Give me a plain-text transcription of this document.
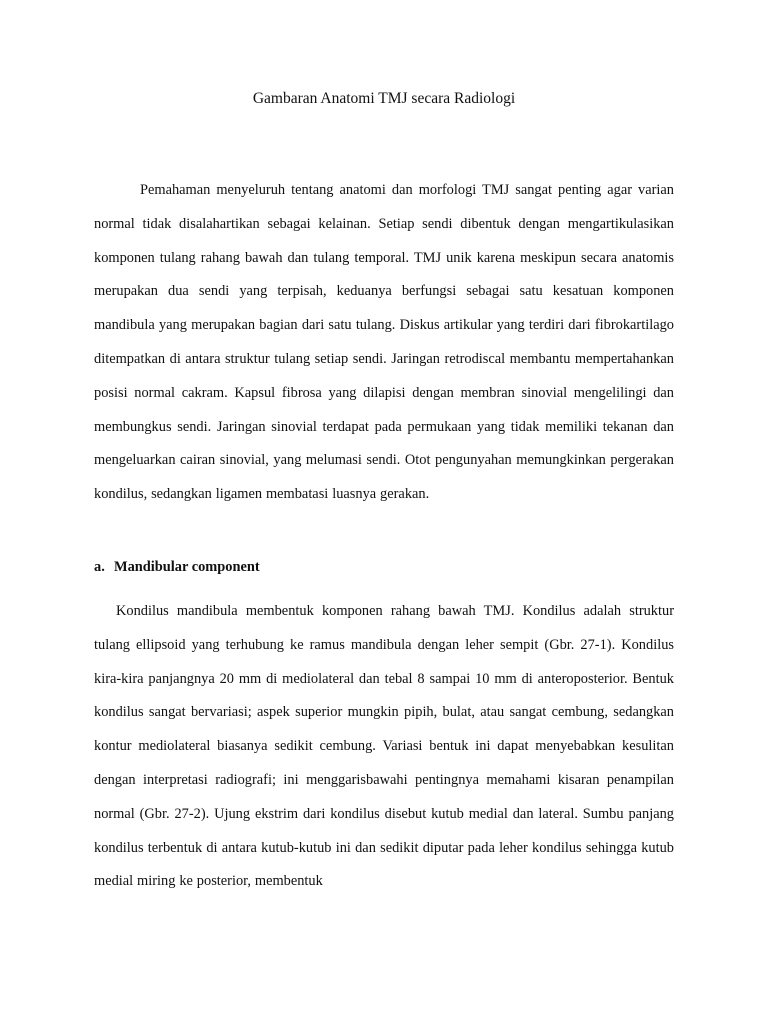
Gambaran Anatomi TMJ secara Radiologi

Pemahaman menyeluruh tentang anatomi dan morfologi TMJ sangat penting agar varian normal tidak disalahartikan sebagai kelainan. Setiap sendi dibentuk dengan mengartikulasikan komponen tulang rahang bawah dan tulang temporal. TMJ unik karena meskipun secara anatomis merupakan dua sendi yang terpisah, keduanya berfungsi sebagai satu kesatuan komponen mandibula yang merupakan bagian dari satu tulang. Diskus artikular yang terdiri dari fibrokartilago ditempatkan di antara struktur tulang setiap sendi. Jaringan retrodiscal membantu mempertahankan posisi normal cakram. Kapsul fibrosa yang dilapisi dengan membran sinovial mengelilingi dan membungkus sendi. Jaringan sinovial terdapat pada permukaan yang tidak memiliki tekanan dan mengeluarkan cairan sinovial, yang melumasi sendi. Otot pengunyahan memungkinkan pergerakan kondilus, sedangkan ligamen membatasi luasnya gerakan.

a. Mandibular component

Kondilus mandibula membentuk komponen rahang bawah TMJ. Kondilus adalah struktur tulang ellipsoid yang terhubung ke ramus mandibula dengan leher sempit (Gbr. 27-1). Kondilus kira-kira panjangnya 20 mm di mediolateral dan tebal 8 sampai 10 mm di anteroposterior. Bentuk kondilus sangat bervariasi; aspek superior mungkin pipih, bulat, atau sangat cembung, sedangkan kontur mediolateral biasanya sedikit cembung. Variasi bentuk ini dapat menyebabkan kesulitan dengan interpretasi radiografi; ini menggarisbawahi pentingnya memahami kisaran penampilan normal (Gbr. 27-2). Ujung ekstrim dari kondilus disebut kutub medial dan lateral. Sumbu panjang kondilus terbentuk di antara kutub-kutub ini dan sedikit diputar pada leher kondilus sehingga kutub medial miring ke posterior, membentuk
